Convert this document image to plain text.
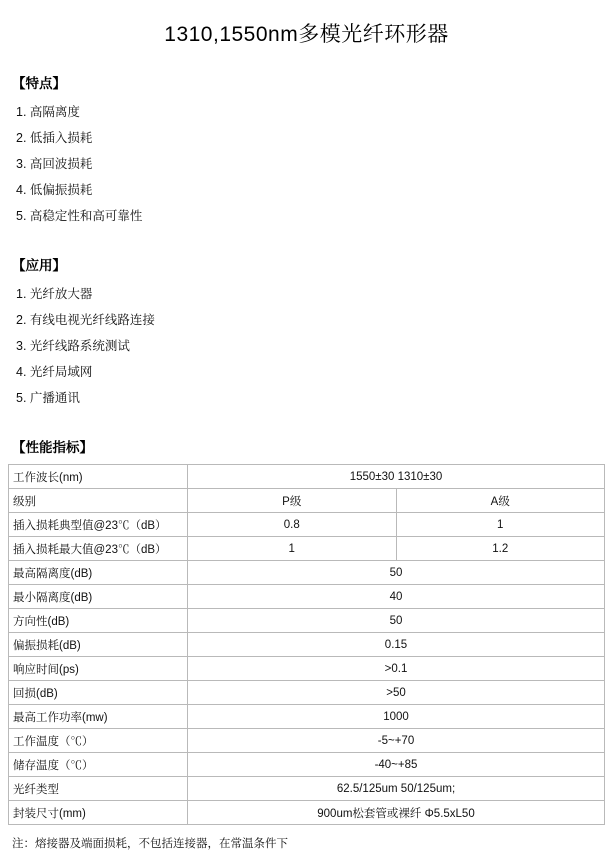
1310,1550nm多模光纤环形器
【特点】
1. 高隔离度
2. 低插入损耗
3. 高回波损耗
4. 低偏振损耗
5. 高稳定性和高可靠性
【应用】
1. 光纤放大器
2. 有线电视光纤线路连接
3. 光纤线路系统测试
4. 光纤局域网
5. 广播通讯
【性能指标】
工作波长(nm)	1550±30 1310±30	
级别	P级	A级
插入损耗典型值@23℃（dB）	0.8	1
插入损耗最大值@23℃（dB）	1	1.2
最高隔离度(dB)	50	
最小隔离度(dB)	40	
方向性(dB)	50	
偏振损耗(dB)	0.15	
响应时间(ps)	>0.1	
回损(dB)	>50	
最高工作功率(mw)	1000	
工作温度（℃）	-5~+70	
储存温度（℃）	-40~+85	
光纤类型	62.5/125um 50/125um;	
封装尺寸(mm)	900um松套管或裸纤 Φ5.5xL50	
注：熔接器及端面损耗，不包括连接器，在常温条件下
